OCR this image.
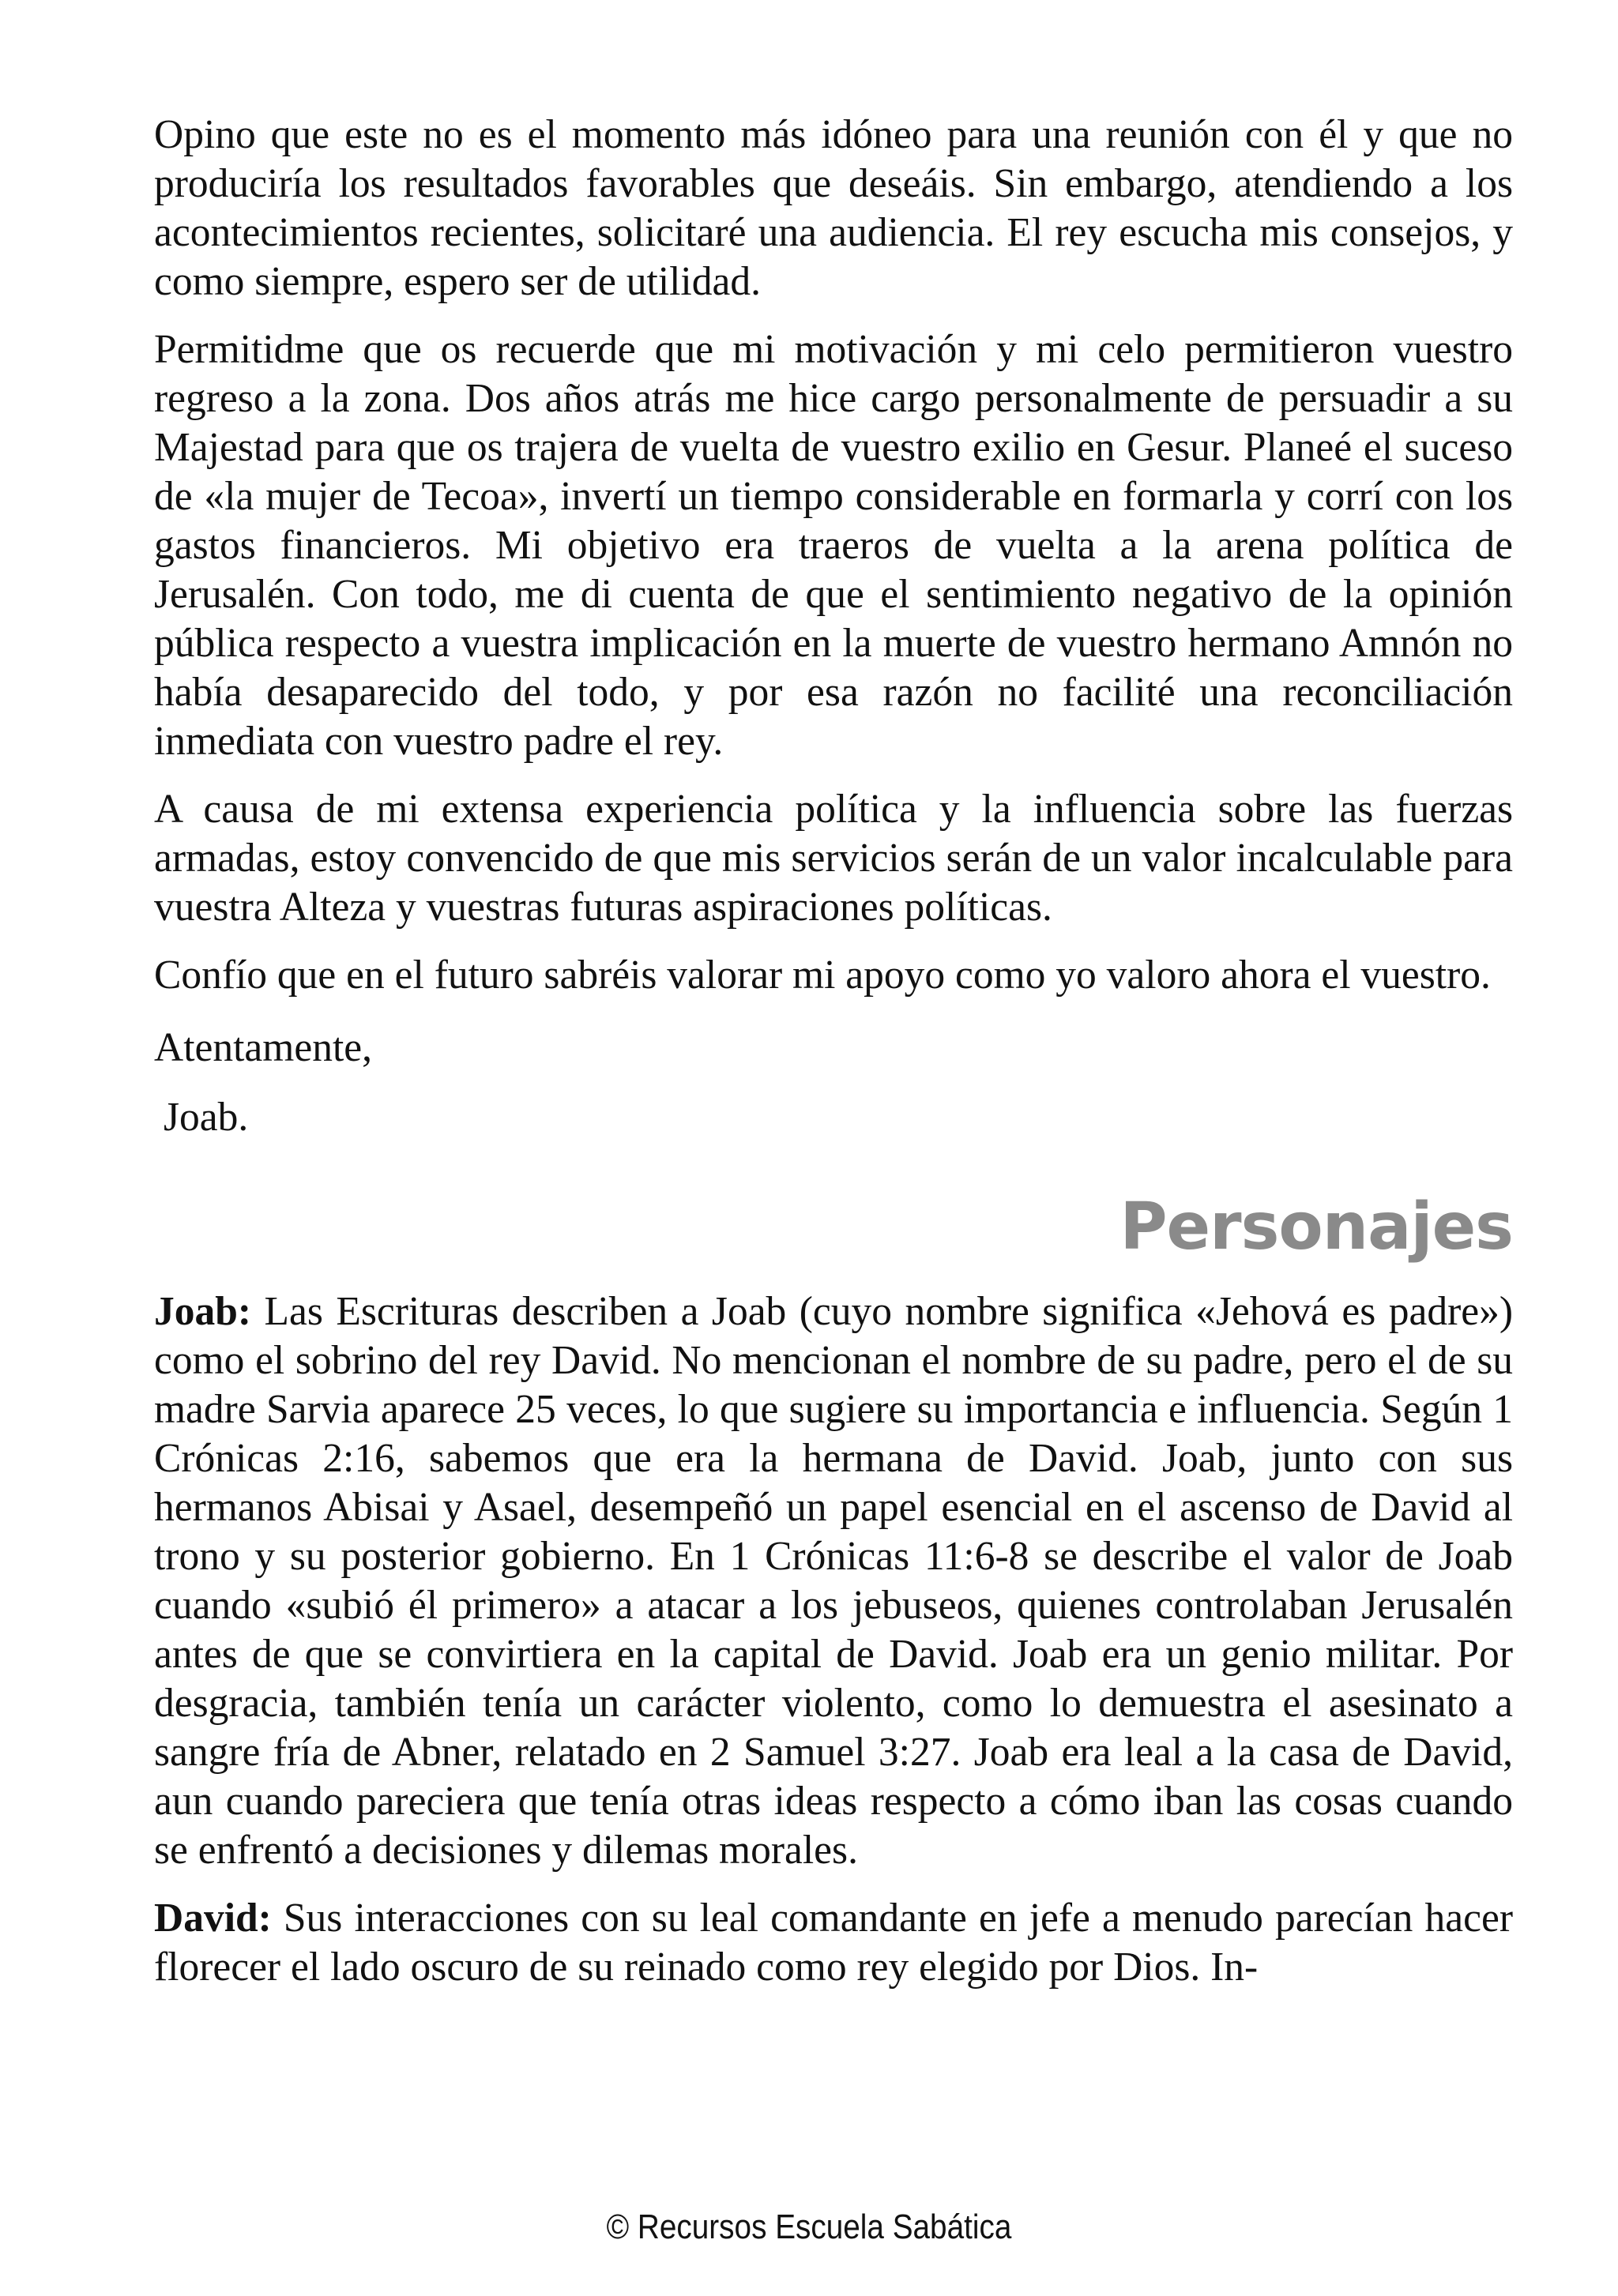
Opino que este no es el momento más idóneo para una reunión con él y que no produciría los resultados favorables que deseáis. Sin embargo, atendiendo a los acontecimientos recientes, solicitaré una audiencia. El rey escucha mis consejos, y como siempre, espero ser de utilidad.

Permitidme que os recuerde que mi motivación y mi celo permitieron vuestro regreso a la zona. Dos años atrás me hice cargo personalmente de persuadir a su Majestad para que os trajera de vuelta de vuestro exilio en Gesur. Planeé el suceso de «la mujer de Tecoa», invertí un tiempo considerable en formarla y corrí con los gastos financieros. Mi objetivo era traeros de vuelta a la arena política de Jerusalén. Con todo, me di cuenta de que el sentimiento negativo de la opinión pública respecto a vuestra implicación en la muerte de vuestro hermano Amnón no había desaparecido del todo, y por esa razón no facilité una reconciliación inmediata con vuestro padre el rey.

A causa de mi extensa experiencia política y la influencia sobre las fuerzas armadas, estoy convencido de que mis servicios serán de un valor incalculable para vuestra Alteza y vuestras futuras aspiraciones políticas.

Confío que en el futuro sabréis valorar mi apoyo como yo valoro ahora el vuestro.

Atentamente,

Joab.

Personajes

Joab: Las Escrituras describen a Joab (cuyo nombre significa «Jehová es padre») como el sobrino del rey David. No mencionan el nombre de su padre, pero el de su madre Sarvia aparece 25 veces, lo que sugiere su importancia e influencia. Según 1 Crónicas 2:16, sabemos que era la hermana de David. Joab, junto con sus hermanos Abisai y Asael, desempeñó un papel esencial en el ascenso de David al trono y su posterior gobierno. En 1 Crónicas 11:6-8 se describe el valor de Joab cuando «subió él primero» a atacar a los jebuseos, quienes controlaban Jerusalén antes de que se convirtiera en la capital de David. Joab era un genio militar. Por desgracia, también tenía un carácter violento, como lo demuestra el asesinato a sangre fría de Abner, relatado en 2 Samuel 3:27. Joab era leal a la casa de David, aun cuando pareciera que tenía otras ideas respecto a cómo iban las cosas cuando se enfrentó a decisiones y dilemas morales.

David: Sus interacciones con su leal comandante en jefe a menudo parecían hacer florecer el lado oscuro de su reinado como rey elegido por Dios. In-

© Recursos Escuela Sabática
